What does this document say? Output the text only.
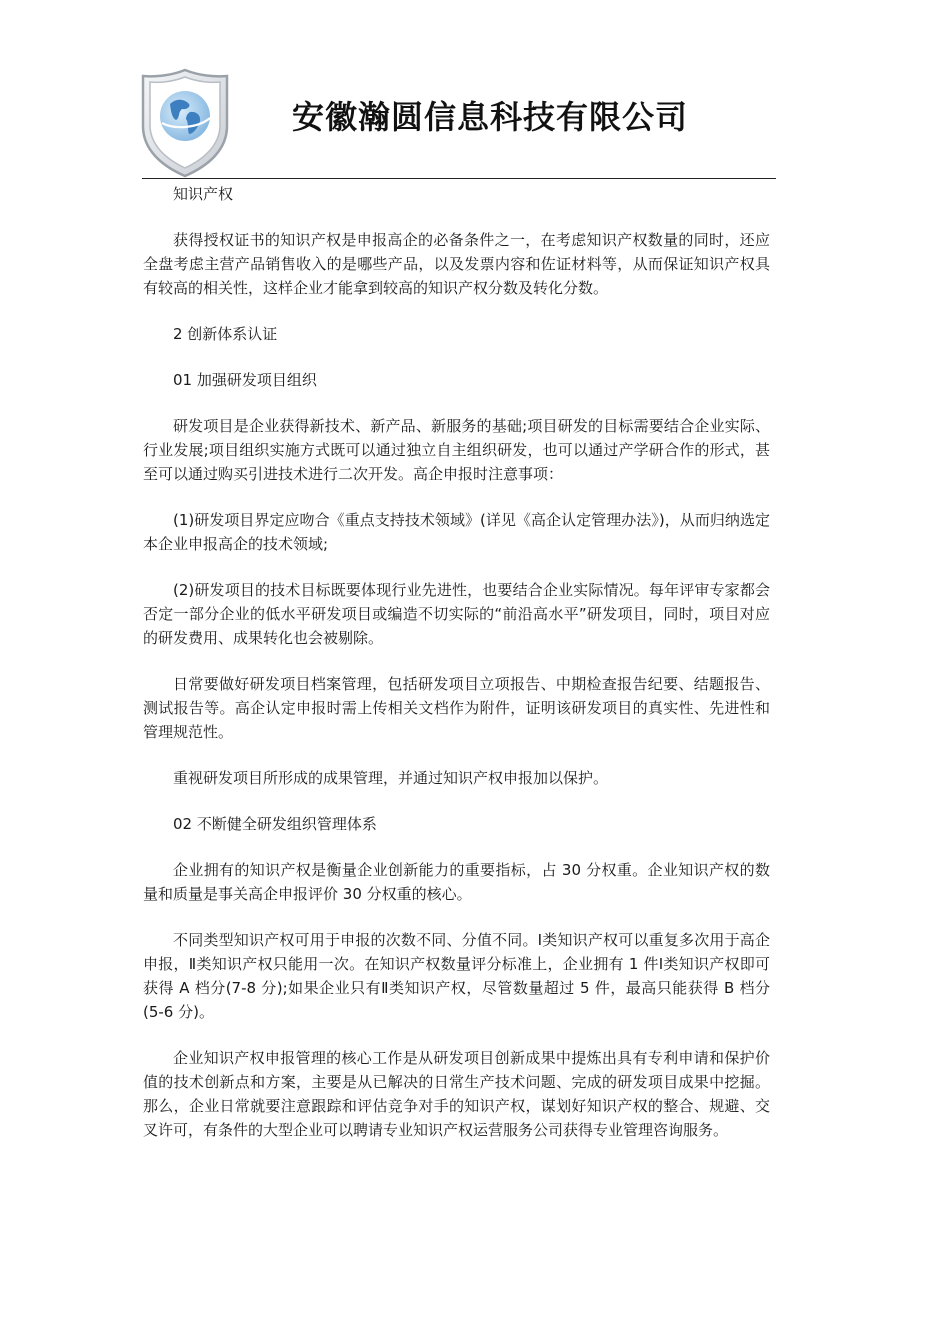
安徽瀚圆信息科技有限公司

知识产权

获得授权证书的知识产权是申报高企的必备条件之一，在考虑知识产权数量的同时，还应全盘考虑主营产品销售收入的是哪些产品，以及发票内容和佐证材料等，从而保证知识产权具有较高的相关性，这样企业才能拿到较高的知识产权分数及转化分数。

2 创新体系认证

01 加强研发项目组织

研发项目是企业获得新技术、新产品、新服务的基础;项目研发的目标需要结合企业实际、行业发展;项目组织实施方式既可以通过独立自主组织研发，也可以通过产学研合作的形式，甚至可以通过购买引进技术进行二次开发。高企申报时注意事项：

(1)研发项目界定应吻合《重点支持技术领域》(详见《高企认定管理办法》)，从而归纳选定本企业申报高企的技术领域;

(2)研发项目的技术目标既要体现行业先进性，也要结合企业实际情况。每年评审专家都会否定一部分企业的低水平研发项目或编造不切实际的“前沿高水平”研发项目，同时，项目对应的研发费用、成果转化也会被剔除。

日常要做好研发项目档案管理，包括研发项目立项报告、中期检查报告纪要、结题报告、测试报告等。高企认定申报时需上传相关文档作为附件，证明该研发项目的真实性、先进性和管理规范性。

重视研发项目所形成的成果管理，并通过知识产权申报加以保护。

02 不断健全研发组织管理体系

企业拥有的知识产权是衡量企业创新能力的重要指标，占 30 分权重。企业知识产权的数量和质量是事关高企申报评价 30 分权重的核心。

不同类型知识产权可用于申报的次数不同、分值不同。Ⅰ类知识产权可以重复多次用于高企申报，Ⅱ类知识产权只能用一次。在知识产权数量评分标准上，企业拥有 1 件Ⅰ类知识产权即可获得 A 档分(7-8 分);如果企业只有Ⅱ类知识产权，尽管数量超过 5 件，最高只能获得 B 档分(5-6 分)。

企业知识产权申报管理的核心工作是从研发项目创新成果中提炼出具有专利申请和保护价值的技术创新点和方案，主要是从已解决的日常生产技术问题、完成的研发项目成果中挖掘。那么，企业日常就要注意跟踪和评估竞争对手的知识产权，谋划好知识产权的整合、规避、交叉许可，有条件的大型企业可以聘请专业知识产权运营服务公司获得专业管理咨询服务。
